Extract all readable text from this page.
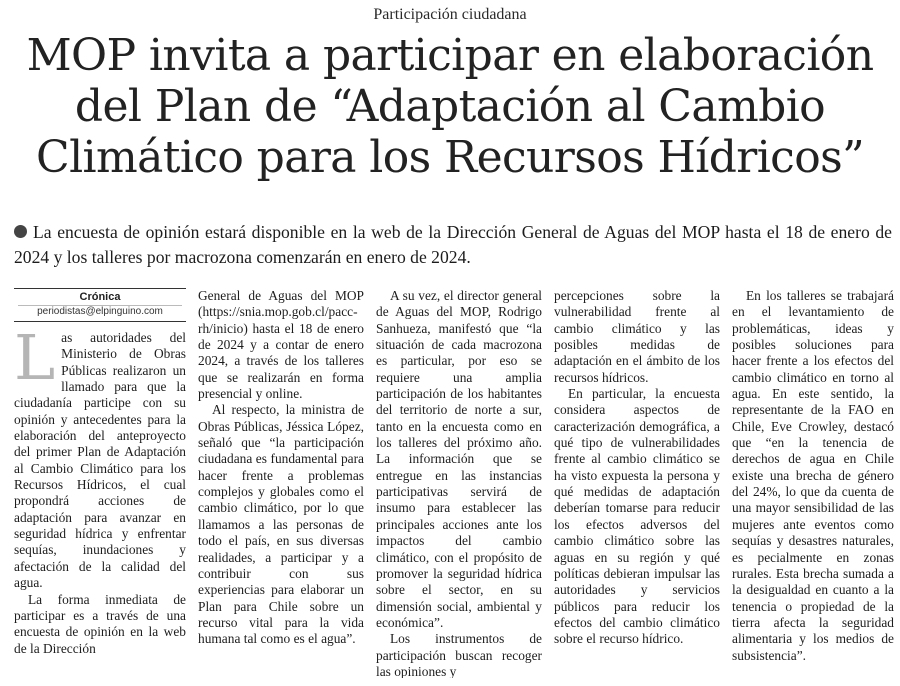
Participación ciudadana
MOP invita a participar en elaboración
del Plan de “Adaptación al Cambio
Climático para los Recursos Hídricos”
La encuesta de opinión estará disponible en la web de la Dirección General de Aguas del MOP hasta el 18 de enero de 2024 y los talleres por macrozona comenzarán en enero de 2024.
Crónica
periodistas@elpinguino.com

Las autoridades del Ministerio de Obras Públicas realizaron un llamado para que la ciudadanía participe con su opinión y antecedentes para la elaboración del anteproyecto del primer Plan de Adaptación al Cambio Climático para los Recursos Hídricos, el cual propondrá acciones de adaptación para avanzar en seguridad hídrica y enfrentar sequías, inundaciones y afectación de la calidad del agua.

La forma inmediata de participar es a través de una encuesta de opinión en la web de la Dirección

General de Aguas del MOP (https://snia.mop.gob.cl/pacc-rh/inicio) hasta el 18 de enero de 2024 y a contar de enero 2024, a través de los talleres que se realizarán en forma presencial y online.

Al respecto, la ministra de Obras Públicas, Jéssica López, señaló que “la participación ciudadana es fundamental para hacer frente a problemas complejos y globales como el cambio climático, por lo que llamamos a las personas de todo el país, en sus diversas realidades, a participar y a contribuir con sus experiencias para elaborar un Plan para Chile sobre un recurso vital para la vida humana tal como es el agua”.

A su vez, el director general de Aguas del MOP, Rodrigo Sanhueza, manifestó que “la situación de cada macrozona es particular, por eso se requiere una amplia participación de los habitantes del territorio de norte a sur, tanto en la encuesta como en los talleres del próximo año. La información que se entregue en las instancias participativas servirá de insumo para establecer las principales acciones ante los impactos del cambio climático, con el propósito de promover la seguridad hídrica sobre el sector, en su dimensión social, ambiental y económica”.

Los instrumentos de participación buscan recoger las opiniones y

percepciones sobre la vulnerabilidad frente al cambio climático y las posibles medidas de adaptación en el ámbito de los recursos hídricos.

En particular, la encuesta considera aspectos de caracterización demográfica, a qué tipo de vulnerabilidades frente al cambio climático se ha visto expuesta la persona y qué medidas de adaptación deberían tomarse para reducir los efectos adversos del cambio climático sobre las aguas en su región y qué políticas debieran impulsar las autoridades y servicios públicos para reducir los efectos del cambio climático sobre el recurso hídrico.

En los talleres se trabajará en el levantamiento de problemáticas, ideas y posibles soluciones para hacer frente a los efectos del cambio climático en torno al agua. En este sentido, la representante de la FAO en Chile, Eve Crowley, destacó que “en la tenencia de derechos de agua en Chile existe una brecha de género del 24%, lo que da cuenta de una mayor sensibilidad de las mujeres ante eventos como sequías y desastres naturales, es pecialmente en zonas rurales. Esta brecha sumada a la desigualdad en cuanto a la tenencia o propiedad de la tierra afecta la seguridad alimentaria y los medios de subsistencia”.
